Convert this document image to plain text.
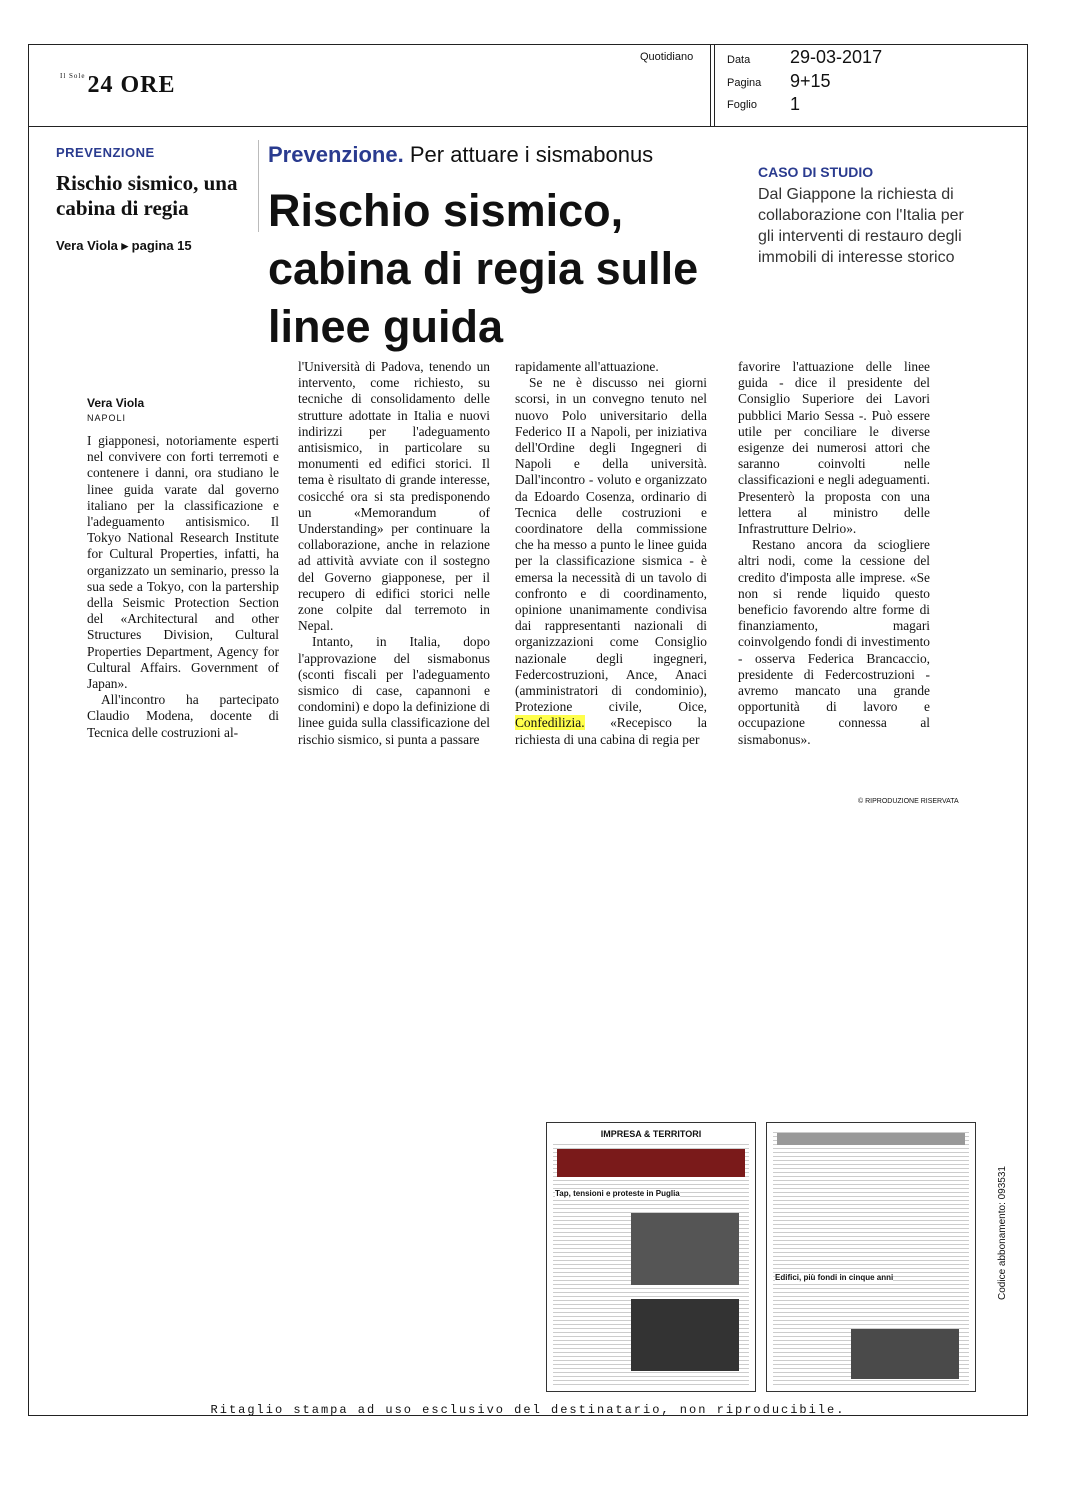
$^{Il Sole}$24 ORE
Quotidiano	Data 29-03-2017
Pagina 9+15
Foglio 1
PREVENZIONE
Rischio sismico, una cabina di regia
Vera Viola ▸ pagina 15
Prevenzione. Per attuare i sismabonus
Rischio sismico, cabina di regia sulle linee guida
CASO DI STUDIO
Dal Giappone la richiesta di collaborazione con l'Italia per gli interventi di restauro degli immobili di interesse storico
Vera Viola
NAPOLI

I giapponesi, notoriamente esperti nel convivere con forti terremoti e contenere i danni, ora studiano le linee guida varate dal governo italiano per la classificazione e l'adeguamento antisismico. Il Tokyo National Research Institute for Cultural Properties, infatti, ha organizzato un seminario, presso la sua sede a Tokyo, con la partership della Seismic Protection Section del «Architectural and other Structures Division, Cultural Properties Department, Agency for Cultural Affairs. Government of Japan».

All'incontro ha partecipato Claudio Modena, docente di Tecnica delle costruzioni al-

l'Università di Padova, tenendo un intervento, come richiesto, su tecniche di consolidamento delle strutture adottate in Italia e nuovi indirizzi per l'adeguamento antisismico, in particolare su monumenti ed edifici storici. Il tema è risultato di grande interesse, cosicché ora si sta predisponendo un «Memorandum of Understanding» per continuare la collaborazione, anche in relazione ad attività avviate con il sostegno del Governo giapponese, per il recupero di edifici storici nelle zone colpite dal terremoto in Nepal.

Intanto, in Italia, dopo l'approvazione del sismabonus (sconti fiscali per l'adeguamento sismico di case, capannoni e condomini) e dopo la definizione di linee guida sulla classificazione del rischio sismico, si punta a passare

rapidamente all'attuazione.

Se ne è discusso nei giorni scorsi, in un convegno tenuto nel nuovo Polo universitario della Federico II a Napoli, per iniziativa dell'Ordine degli Ingegneri di Napoli e della università. Dall'incontro - voluto e organizzato da Edoardo Cosenza, ordinario di Tecnica delle costruzioni e coordinatore della commissione che ha messo a punto le linee guida per la classificazione sismica - è emersa la necessità di un tavolo di confronto e di coordinamento, opinione unanimamente condivisa dai rappresentanti nazionali di organizzazioni come Consiglio nazionale degli ingegneri, Federcostruzioni, Ance, Anaci (amministratori di condominio), Protezione civile, Oice, Confedilizia. «Recepisco la richiesta di una cabina di regia per

favorire l'attuazione delle linee guida - dice il presidente del Consiglio Superiore dei Lavori pubblici Mario Sessa -. Può essere utile per conciliare le diverse esigenze dei numerosi attori che saranno coinvolti nelle classificazioni e negli adeguamenti. Presenterò la proposta con una lettera al ministro delle Infrastrutture Delrio».

Restano ancora da sciogliere altri nodi, come la cessione del credito d'imposta alle imprese. «Se non si rende liquido questo beneficio favorendo altre forme di finanziamento, magari coinvolgendo fondi di investimento - osserva Federica Brancaccio, presidente di Federcostruzioni - avremo mancato una grande opportunità di lavoro e occupazione connessa al sismabonus».

© RIPRODUZIONE RISERVATA
IMPRESA & TERRITORI
Tap, tensioni e proteste in Puglia
Edifici, più fondi in cinque anni	Codice abbonamento: 093531
Ritaglio stampa ad uso esclusivo del destinatario, non riproducibile.
